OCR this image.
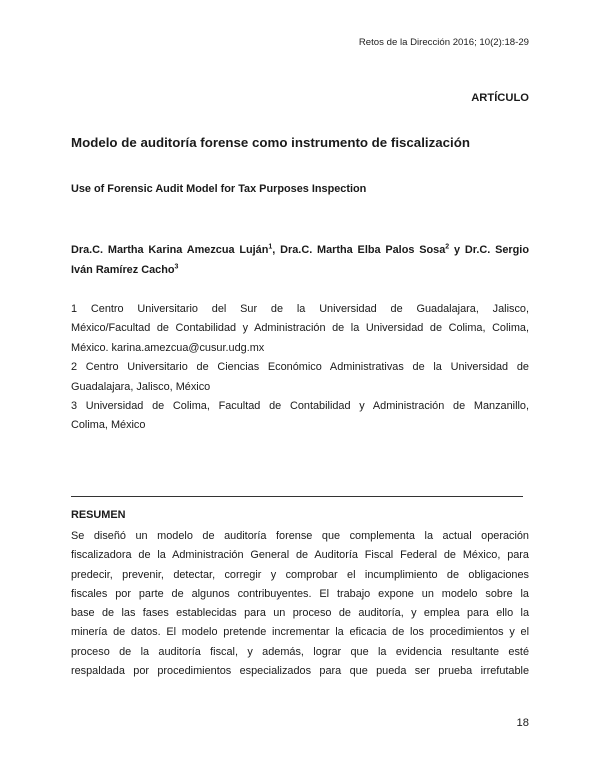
Retos de la Dirección 2016; 10(2):18-29
ARTÍCULO
Modelo de auditoría forense como instrumento de fiscalización
Use of Forensic Audit Model for Tax Purposes Inspection
Dra.C. Martha Karina Amezcua Luján$^1$, Dra.C. Martha Elba Palos Sosa$^2$ y Dr.C. Sergio Iván Ramírez Cacho$^3$
1 Centro Universitario del Sur de la Universidad de Guadalajara, Jalisco,
México/Facultad de Contabilidad y Administración de la Universidad de Colima, Colima,
México. karina.amezcua@cusur.udg.mx
2 Centro Universitario de Ciencias Económico Administrativas de la Universidad de
Guadalajara, Jalisco, México
3 Universidad de Colima, Facultad de Contabilidad y Administración de Manzanillo,
Colima, México
RESUMEN
Se diseñó un modelo de auditoría forense que complementa la actual operación
fiscalizadora de la Administración General de Auditoría Fiscal Federal de México, para
predecir, prevenir, detectar, corregir y comprobar el incumplimiento de obligaciones
fiscales por parte de algunos contribuyentes. El trabajo expone un modelo sobre la
base de las fases establecidas para un proceso de auditoría, y emplea para ello la
minería de datos. El modelo pretende incrementar la eficacia de los procedimientos y el
proceso de la auditoría fiscal, y además, lograr que la evidencia resultante esté
respaldada por procedimientos especializados para que pueda ser prueba irrefutable
18
